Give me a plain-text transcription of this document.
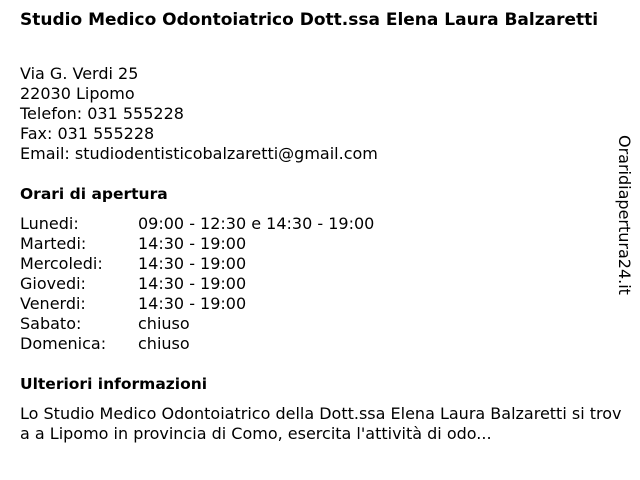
Studio Medico Odontoiatrico Dott.ssa Elena Laura Balzaretti
Via G. Verdi 25
22030 Lipomo
Telefon: 031 555228
Fax: 031 555228
Email: studiodentisticobalzaretti@gmail.com
Orari di apertura
Lunedi:	09:00 - 12:30 e 14:30 - 19:00
Martedi:	14:30 - 19:00
Mercoledi:	14:30 - 19:00
Giovedi:	14:30 - 19:00
Venerdi:	14:30 - 19:00
Sabato:	chiuso
Domenica:	chiuso
Ulteriori informazioni

Lo Studio Medico Odontoiatrico della Dott.ssa Elena Laura Balzaretti si trova a Lipomo in provincia di Como, esercita l'attività di odo...

Oraridiapertura24.it
